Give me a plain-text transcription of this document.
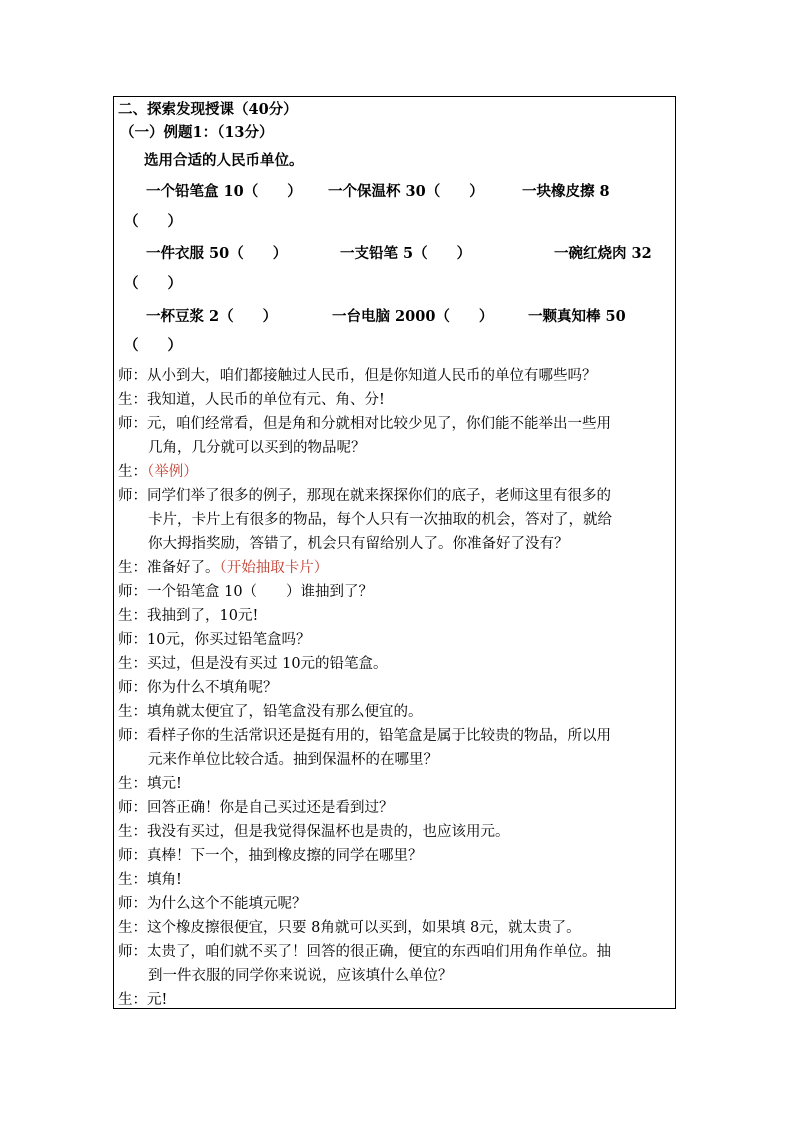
二、探索发现授课（40分）
（一）例题1：（13分）
选用合适的人民币单位。
一个铅笔盒 10（　　） 一个保温杯 30（　　）	一块橡皮擦 8
（　　）
一件衣服 50（　　）	一支铅笔 5（　　）	一碗红烧肉 32
（　　）
一杯豆浆 2（　　）	一台电脑 2000（　　） 一颗真知棒 50
（　　）
师：从小到大，咱们都接触过人民币，但是你知道人民币的单位有哪些吗？
生：我知道，人民币的单位有元、角、分!
师：元，咱们经常看，但是角和分就相对比较少见了，你们能不能举出一些用
几角，几分就可以买到的物品呢？
生：（举例）
师：同学们举了很多的例子，那现在就来探探你们的底子，老师这里有很多的
卡片，卡片上有很多的物品，每个人只有一次抽取的机会，答对了，就给
你大拇指奖励，答错了，机会只有留给别人了。你准备好了没有？
生：准备好了。（开始抽取卡片）
师：一个铅笔盒 10（　　）谁抽到了？
生：我抽到了，10元!
师：10元，你买过铅笔盒吗？
生：买过，但是没有买过 10元的铅笔盒。
师：你为什么不填角呢？
生：填角就太便宜了，铅笔盒没有那么便宜的。
师：看样子你的生活常识还是挺有用的，铅笔盒是属于比较贵的物品，所以用
元来作单位比较合适。抽到保温杯的在哪里？
生：填元!
师：回答正确！你是自己买过还是看到过？
生：我没有买过，但是我觉得保温杯也是贵的，也应该用元。
师：真棒！下一个，抽到橡皮擦的同学在哪里？
生：填角!
师：为什么这个不能填元呢？
生：这个橡皮擦很便宜，只要 8角就可以买到，如果填 8元，就太贵了。
师：太贵了，咱们就不买了！回答的很正确，便宜的东西咱们用角作单位。抽
到一件衣服的同学你来说说，应该填什么单位？
生：元!
